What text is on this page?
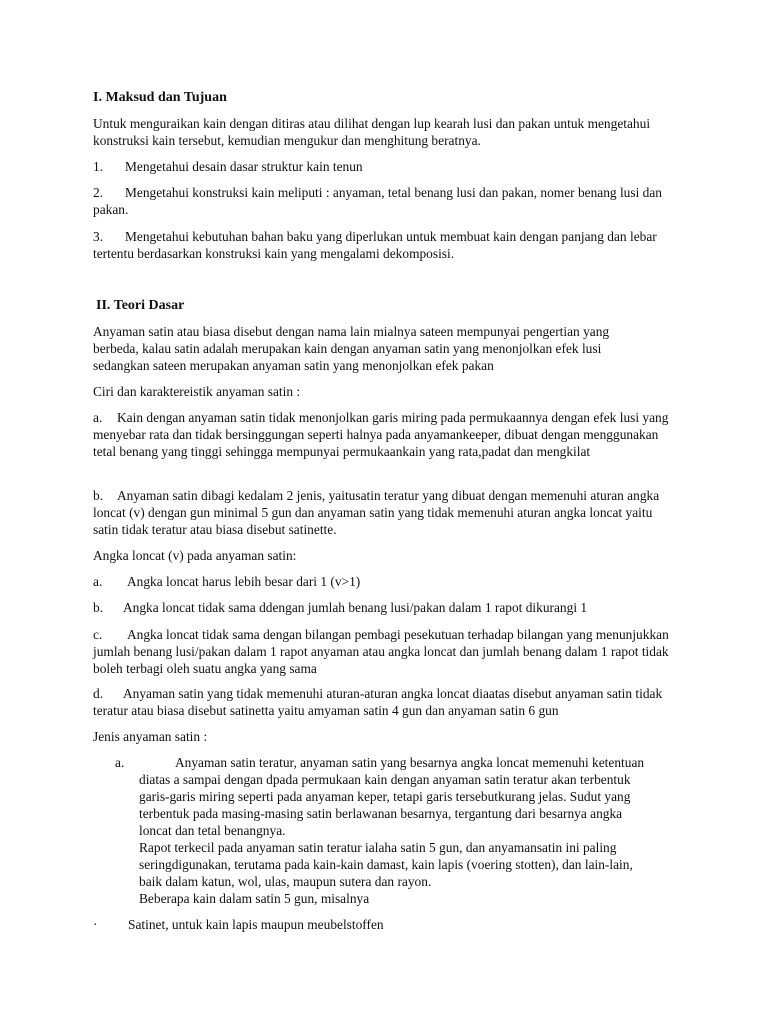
I. Maksud dan Tujuan

Untuk menguraikan kain dengan ditiras atau dilihat dengan lup kearah lusi dan pakan untuk mengetahui konstruksi kain tersebut, kemudian mengukur dan menghitung beratnya.

1. Mengetahui desain dasar struktur kain tenun

2. Mengetahui konstruksi kain meliputi : anyaman, tetal benang lusi dan pakan, nomer benang lusi dan pakan.

3. Mengetahui kebutuhan bahan baku yang diperlukan untuk membuat kain dengan panjang dan lebar tertentu berdasarkan konstruksi kain yang mengalami dekomposisi.

II. Teori Dasar

Anyaman satin atau biasa disebut dengan nama lain mialnya sateen mempunyai pengertian yang berbeda, kalau satin adalah merupakan kain dengan anyaman satin yang menonjolkan efek lusi sedangkan sateen merupakan anyaman satin yang menonjolkan efek pakan

Ciri dan karaktereistik anyaman satin :

a. Kain dengan anyaman satin tidak menonjolkan garis miring pada permukaannya dengan efek lusi yang menyebar rata dan tidak bersinggungan seperti halnya pada anyamankeeper, dibuat dengan menggunakan tetal benang yang tinggi sehingga mempunyai permukaankain yang rata,padat dan mengkilat

b. Anyaman satin dibagi kedalam 2 jenis, yaitusatin teratur yang dibuat dengan memenuhi aturan angka loncat (v) dengan gun minimal 5 gun dan anyaman satin yang tidak memenuhi aturan angka loncat yaitu satin tidak teratur atau biasa disebut satinette.

Angka loncat (v) pada anyaman satin:

a. Angka loncat harus lebih besar dari 1 (v>1)

b. Angka loncat tidak sama ddengan jumlah benang lusi/pakan dalam 1 rapot dikurangi 1

c. Angka loncat tidak sama dengan bilangan pembagi pesekutuan terhadap bilangan yang menunjukkan jumlah benang lusi/pakan dalam 1 rapot anyaman atau angka loncat dan jumlah benang dalam 1 rapot tidak boleh terbagi oleh suatu angka yang sama

d. Anyaman satin yang tidak memenuhi aturan-aturan angka loncat diaatas disebut anyaman satin tidak teratur atau biasa disebut satinetta yaitu amyaman satin 4 gun dan anyaman satin 6 gun

Jenis anyaman satin :

a.	Anyaman satin teratur, anyaman satin yang besarnya angka loncat memenuhi ketentuan
diatas a sampai dengan dpada permukaan kain dengan anyaman satin teratur akan terbentuk
garis-garis miring seperti pada anyaman keper, tetapi garis tersebutkurang jelas. Sudut yang
terbentuk pada masing-masing satin berlawanan besarnya, tergantung dari besarnya angka
loncat dan tetal benangnya.
Rapot terkecil pada anyaman satin teratur ialaha satin 5 gun, dan anyamansatin ini paling
seringdigunakan, terutama pada kain-kain damast, kain lapis (voering stotten), dan lain-lain,
baik dalam katun, wol, ulas, maupun sutera dan rayon.
Beberapa kain dalam satin 5 gun, misalnya

· Satinet, untuk kain lapis maupun meubelstoffen
